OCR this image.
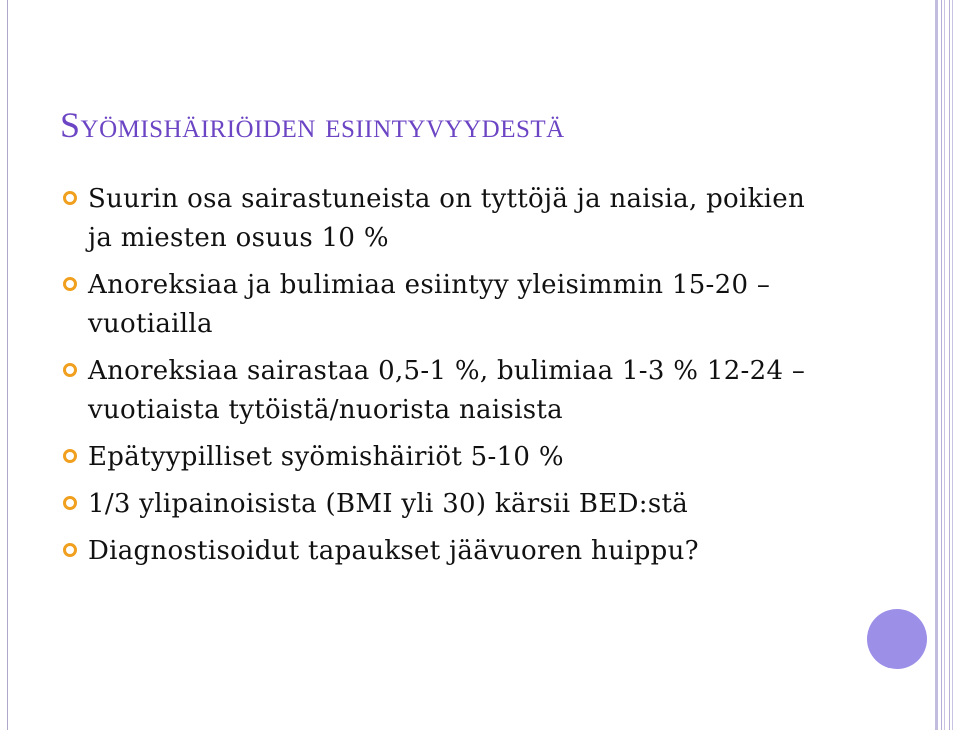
Syömishäiriöiden esiintyvyydestä
Suurin osa sairastuneista on tyttöjä ja naisia, poikien ja miesten osuus 10 %
Anoreksiaa ja bulimiaa esiintyy yleisimmin 15-20 –vuotiailla
Anoreksiaa sairastaa 0,5-1 %, bulimiaa 1-3 % 12-24 –vuotiaista tytöistä/nuorista naisista
Epätyypilliset syömishäiriöt 5-10 %
1/3 ylipainoisista (BMI yli 30) kärsii BED:stä
Diagnostisoidut tapaukset jäävuoren huippu?
